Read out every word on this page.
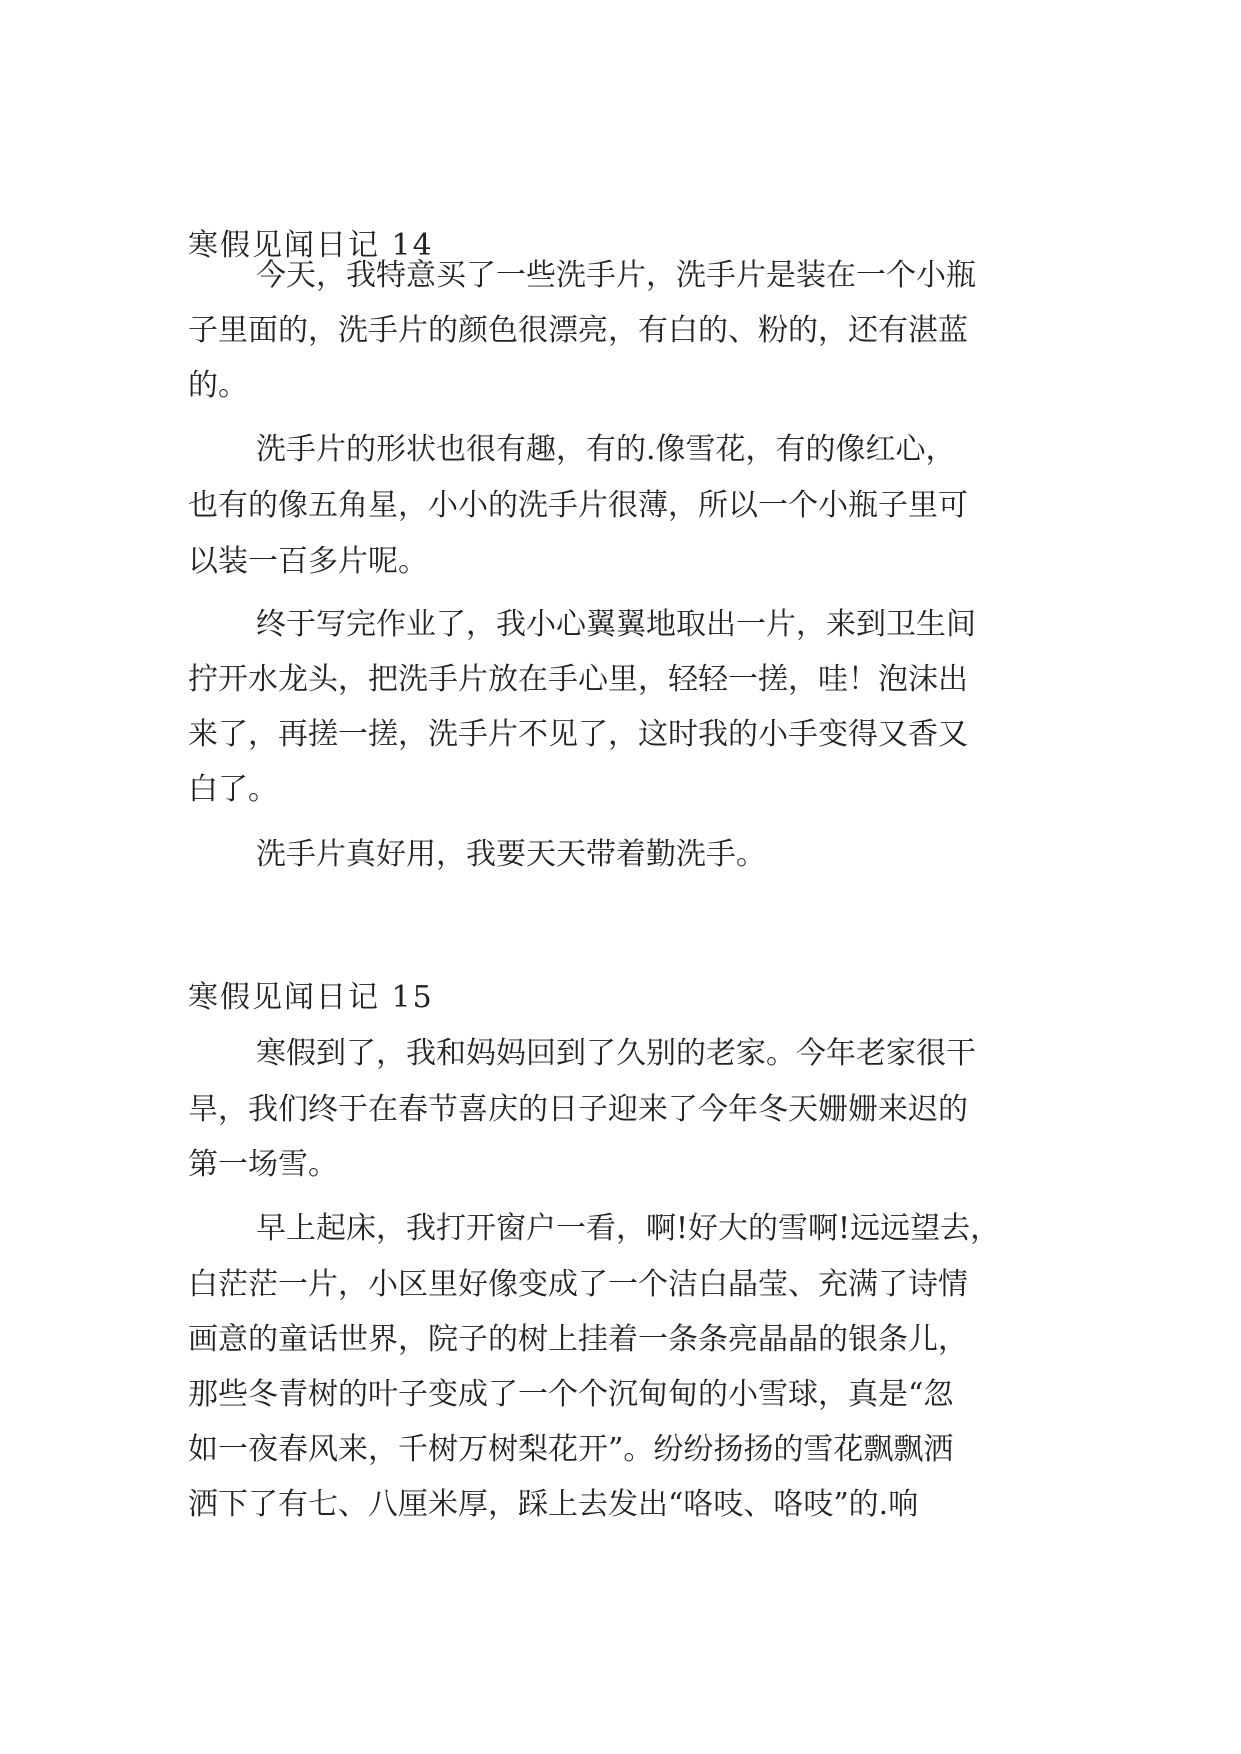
寒假见闻日记 14
今天，我特意买了一些洗手片，洗手片是装在一个小瓶
子里面的，洗手片的颜色很漂亮，有白的、粉的，还有湛蓝
的。
洗手片的形状也很有趣，有的.像雪花，有的像红心，
也有的像五角星，小小的洗手片很薄，所以一个小瓶子里可
以装一百多片呢。
终于写完作业了，我小心翼翼地取出一片，来到卫生间
拧开水龙头，把洗手片放在手心里，轻轻一搓，哇！泡沫出
来了，再搓一搓，洗手片不见了，这时我的小手变得又香又
白了。
洗手片真好用，我要天天带着勤洗手。
寒假见闻日记 15
寒假到了，我和妈妈回到了久别的老家。今年老家很干
旱，我们终于在春节喜庆的日子迎来了今年冬天姗姗来迟的
第一场雪。
早上起床，我打开窗户一看，啊!好大的雪啊!远远望去，
白茫茫一片，小区里好像变成了一个洁白晶莹、充满了诗情
画意的童话世界，院子的树上挂着一条条亮晶晶的银条儿，
那些冬青树的叶子变成了一个个沉甸甸的小雪球，真是“忽
如一夜春风来，千树万树梨花开”。纷纷扬扬的雪花飘飘洒
洒下了有七、八厘米厚，踩上去发出“咯吱、咯吱”的.响
